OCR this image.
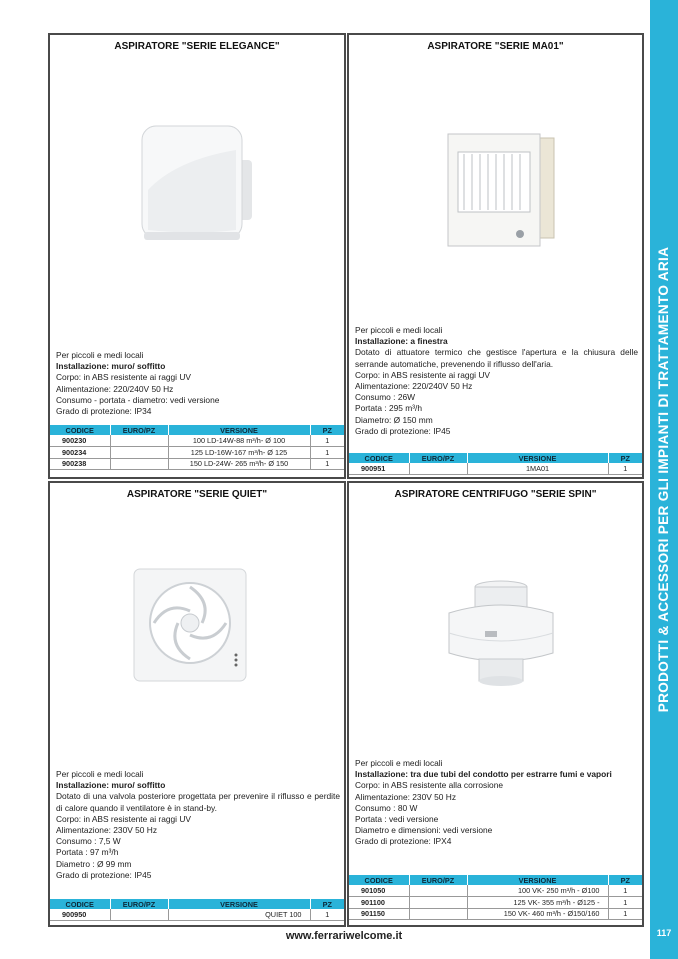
PRODOTTI & ACCESSORI PER GLI IMPIANTI DI TRATTAMENTO ARIA
117
www.ferrariwelcome.it
ASPIRATORE "SERIE ELEGANCE"

Per piccoli e medi locali

Installazione: muro/ soffitto

Corpo: in ABS resistente ai raggi UV

Alimentazione: 220/240V 50 Hz

Consumo - portata - diametro: vedi versione

Grado di protezione: IP34

CODICE	EURO/PZ	VERSIONE	PZ
900230		100 LD-14W-88 m³/h- Ø 100	1
900234		125 LD-16W-167 m³/h- Ø 125	1
900238		150 LD-24W- 265 m³/h- Ø 150	1
ASPIRATORE "SERIE MA01"

Per piccoli e medi locali

Installazione: a finestra

Dotato di attuatore termico che gestisce l'apertura e la chiusura delle serrande automatiche, prevenendo il riflusso dell'aria.

Corpo: in ABS resistente ai raggi UV

Alimentazione: 220/240V 50 Hz

Consumo : 26W

Portata : 295 m³/h

Diametro: Ø 150 mm

Grado di protezione: IP45

CODICE	EURO/PZ	VERSIONE	PZ
900951		1MA01	1
ASPIRATORE "SERIE QUIET"

Per piccoli e medi locali

Installazione: muro/ soffitto

Dotato di una valvola posteriore progettata per prevenire il riflusso e perdite di calore quando il ventilatore è in stand-by.

Corpo: in ABS resistente ai raggi UV

Alimentazione: 230V 50 Hz

Consumo : 7,5 W

Portata : 97 m³/h

Diametro : Ø 99 mm

Grado di protezione: IP45

CODICE	EURO/PZ	VERSIONE	PZ
900950		QUIET 100	1
ASPIRATORE CENTRIFUGO "SERIE SPIN"

Per piccoli e medi locali

Installazione: tra due tubi del condotto per estrarre fumi e vapori

Corpo: in ABS resistente alla corrosione

Alimentazione: 230V 50 Hz

Consumo : 80 W

Portata : vedi versione

Diametro e dimensioni: vedi versione

Grado di protezione: IPX4

CODICE	EURO/PZ	VERSIONE	PZ
901050		100 VK- 250 m³/h - Ø100	1
901100		125 VK- 355 m³/h - Ø125 -	1
901150		150 VK- 460 m³/h - Ø150/160	1
